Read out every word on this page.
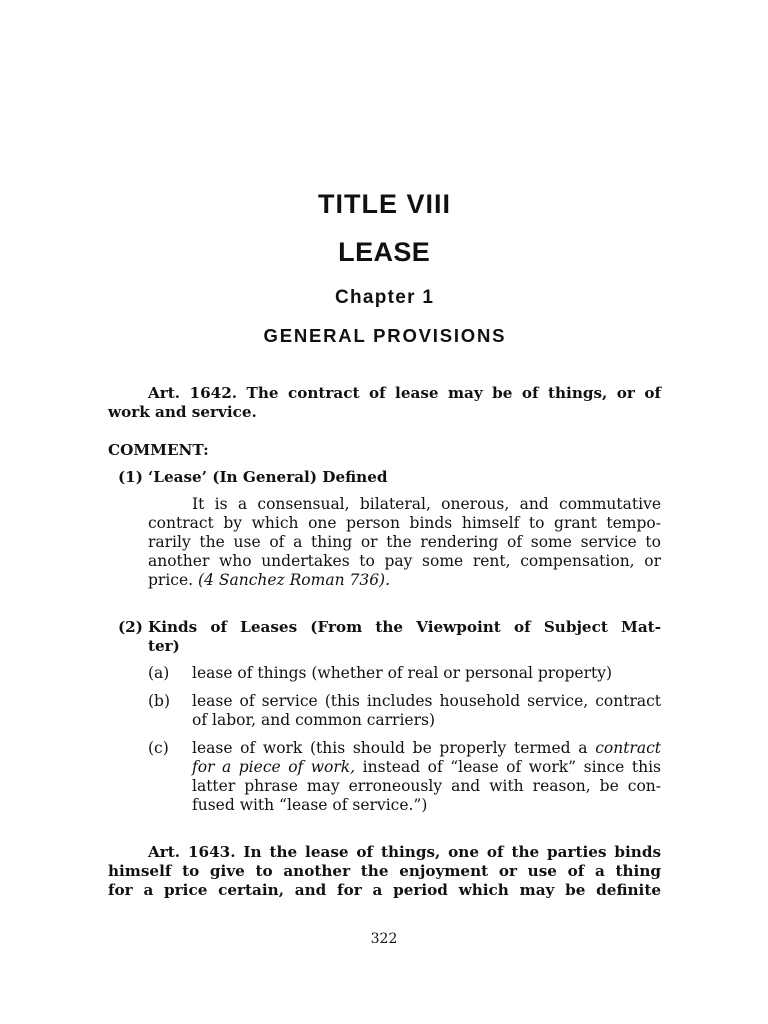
TITLE VIII
LEASE
Chapter 1
GENERAL PROVISIONS
Art. 1642. The contract of lease may be of things, or of
work and service.
COMMENT:
(1) ‘Lease’ (In General) Defined
It is a consensual, bilateral, onerous, and commutative
contract by which one person binds himself to grant tempo-
rarily the use of a thing or the rendering of some service to
another who undertakes to pay some rent, compensation, or
price. (4 Sanchez Roman 736).
(2) Kinds of Leases (From the Viewpoint of Subject Mat-
ter)
(a) lease of things (whether of real or personal property)
(b) lease of service (this includes household service, contract
of labor, and common carriers)
(c) lease of work (this should be properly termed a contract
for a piece of work, instead of “lease of work” since this
latter phrase may erroneously and with reason, be con-
fused with “lease of service.”)
Art. 1643. In the lease of things, one of the parties binds
himself to give to another the enjoyment or use of a thing
for a price certain, and for a period which may be definite
322
